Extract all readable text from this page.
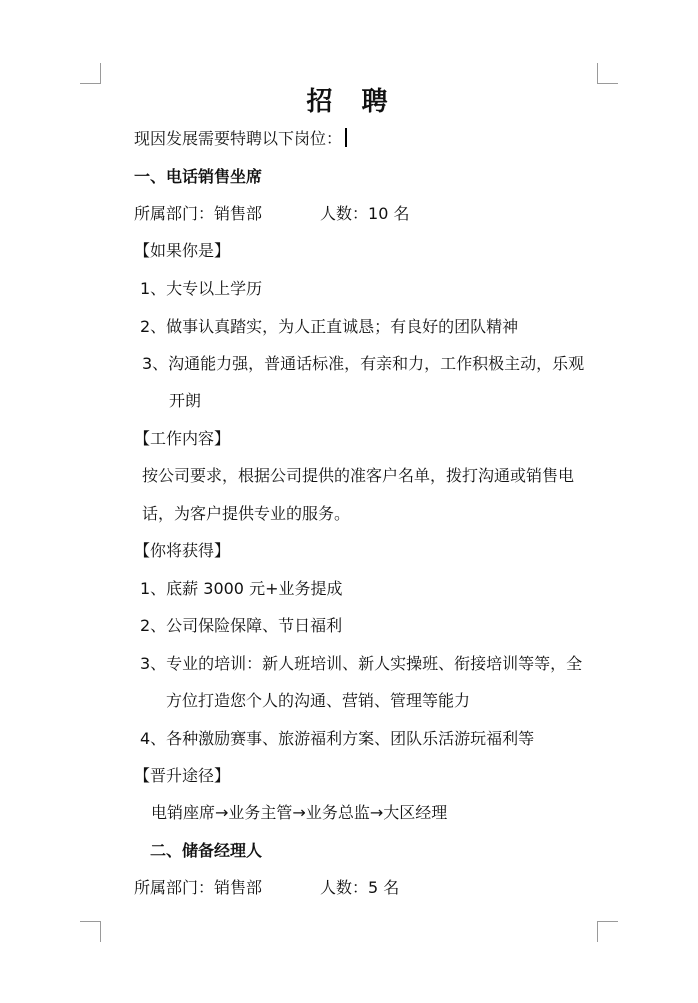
招 聘
现因发展需要特聘以下岗位：
一、电话销售坐席
所属部门：销售部	人数：10 名
【如果你是】
1、大专以上学历
2、做事认真踏实，为人正直诚恳；有良好的团队精神
3、沟通能力强，普通话标准，有亲和力，工作积极主动，乐观
开朗
【工作内容】
按公司要求，根据公司提供的准客户名单，拨打沟通或销售电
话，为客户提供专业的服务。
【你将获得】
1、底薪 3000 元+业务提成
2、公司保险保障、节日福利
3、专业的培训：新人班培训、新人实操班、衔接培训等等，全
方位打造您个人的沟通、营销、管理等能力
4、各种激励赛事、旅游福利方案、团队乐活游玩福利等
【晋升途径】
电销座席→业务主管→业务总监→大区经理
二、储备经理人
所属部门：销售部	人数：5 名
